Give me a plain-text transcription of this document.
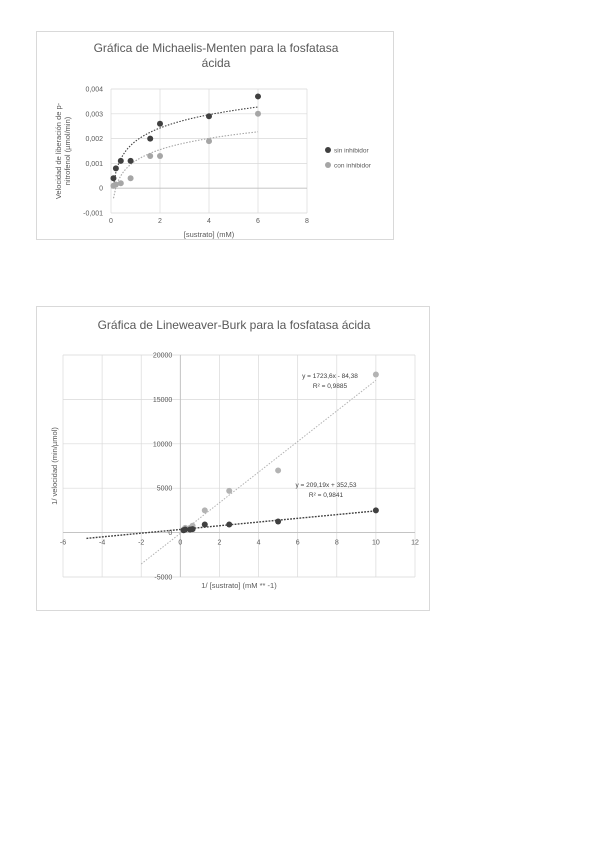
Gráfica de Michaelis-Menten para la fosfatasa
ácida
-0,001
0
0,001
0,002
0,003
0,004
0	2	4	6	8
[sustrato] (mM)
Velocidad de liberación de p- nitrofenol (µmol/min)	sin inhibidor
con inhibidor
Gráfica de Lineweaver-Burk para la fosfatasa ácida
-6	-4	-2	0	2	4	6	8	10	12
-5000
0
5000
10000
15000
20000
1/ [sustrato] (mM ** -1)
1/ velocidad (min/µmol)
y = 1723,6x - 84,38
R² = 0,9885
y = 209,19x + 352,53
R² = 0,9841
